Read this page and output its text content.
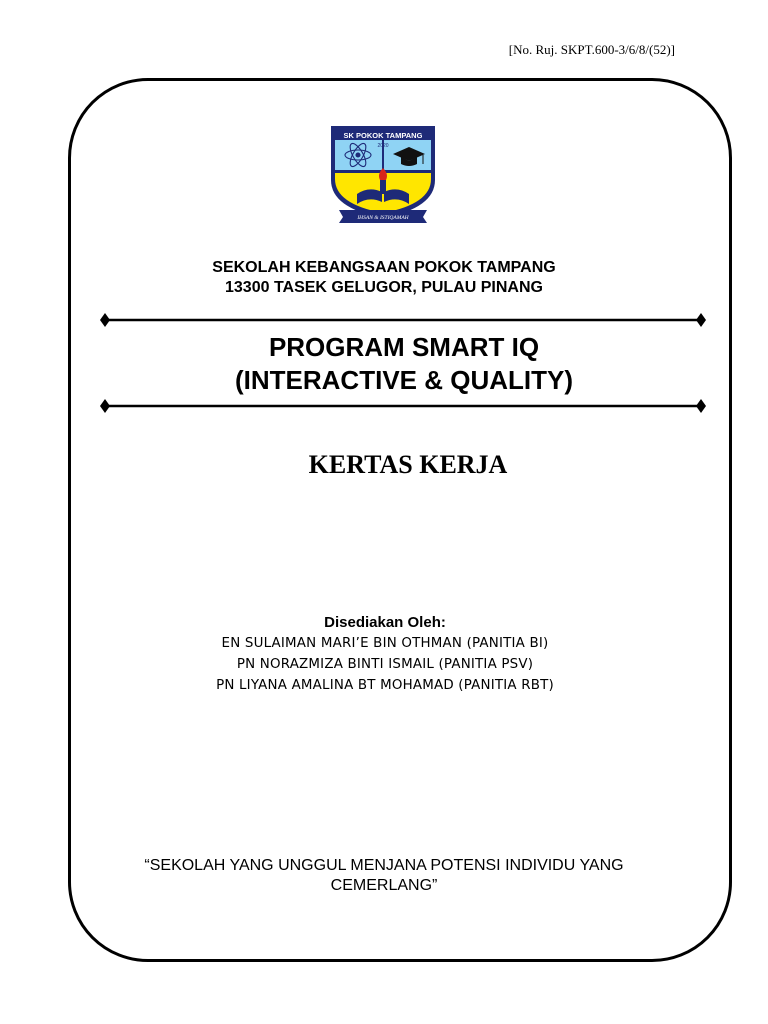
[No. Ruj. SKPT.600-3/6/8/(52)]
SK POKOK TAMPANG
2020
IHSAN & ISTIQAMAH
SEKOLAH KEBANGSAAN POKOK TAMPANG
13300 TASEK GELUGOR, PULAU PINANG
PROGRAM SMART IQ
(INTERACTIVE & QUALITY)
KERTAS KERJA
Disediakan Oleh:
EN SULAIMAN MARI’E BIN OTHMAN (PANITIA BI)
PN NORAZMIZA BINTI ISMAIL (PANITIA PSV)
PN LIYANA AMALINA BT MOHAMAD (PANITIA RBT)
“SEKOLAH YANG UNGGUL MENJANA POTENSI INDIVIDU YANG
CEMERLANG”
